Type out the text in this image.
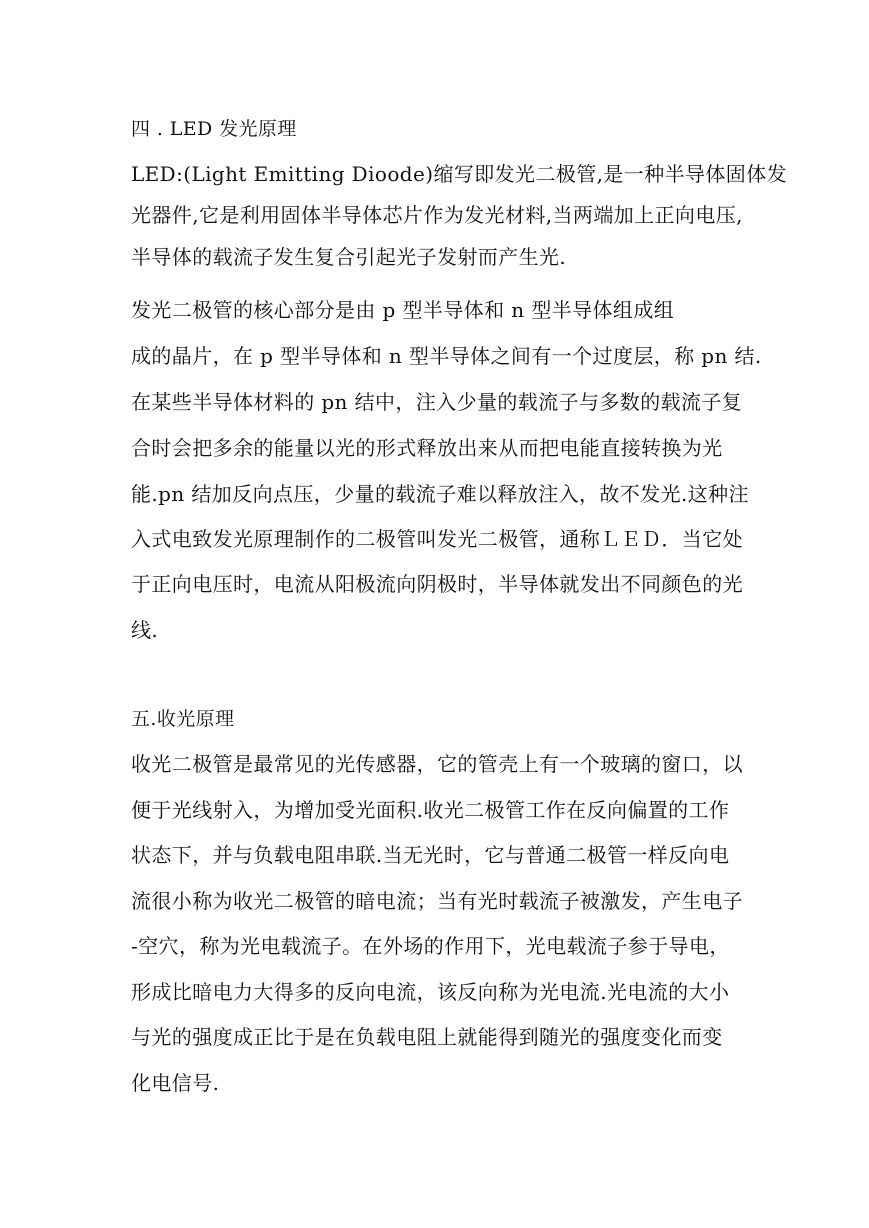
四 . LED 发光原理
LED:(Light Emitting Dioode)缩写即发光二极管,是一种半导体固体发
光器件,它是利用固体半导体芯片作为发光材料,当两端加上正向电压,
半导体的载流子发生复合引起光子发射而产生光.
发光二极管的核心部分是由 p 型半导体和 n 型半导体组成组
成的晶片，在 p 型半导体和 n 型半导体之间有一个过度层，称 pn 结.
在某些半导体材料的 pn 结中，注入少量的载流子与多数的载流子复
合时会把多余的能量以光的形式释放出来从而把电能直接转换为光
能.pn 结加反向点压，少量的载流子难以释放注入，故不发光.这种注
入式电致发光原理制作的二极管叫发光二极管，通称ＬＥＤ．当它处
于正向电压时，电流从阳极流向阴极时，半导体就发出不同颜色的光
线.
五.收光原理
收光二极管是最常见的光传感器，它的管壳上有一个玻璃的窗口，以
便于光线射入，为增加受光面积.收光二极管工作在反向偏置的工作
状态下，并与负载电阻串联.当无光时，它与普通二极管一样反向电
流很小称为收光二极管的暗电流；当有光时载流子被激发，产生电子
-空穴，称为光电载流子。在外场的作用下，光电载流子参于导电，
形成比暗电力大得多的反向电流，该反向称为光电流.光电流的大小
与光的强度成正比于是在负载电阻上就能得到随光的强度变化而变
化电信号.
